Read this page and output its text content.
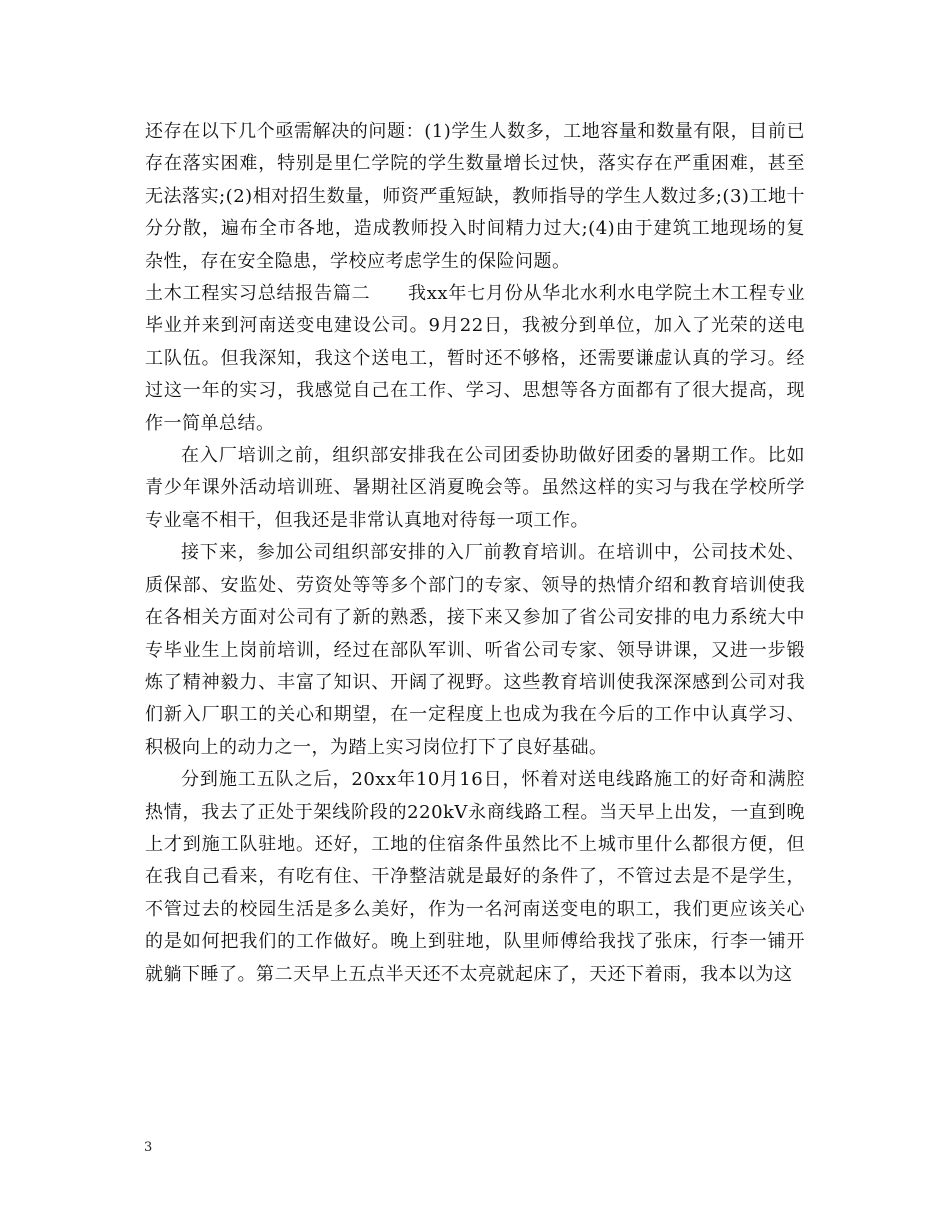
还存在以下几个亟需解决的问题：(1)学生人数多，工地容量和数量有限，目前已存在落实困难，特别是里仁学院的学生数量增长过快，落实存在严重困难，甚至无法落实;(2)相对招生数量，师资严重短缺，教师指导的学生人数过多;(3)工地十分分散，遍布全市各地，造成教师投入时间精力过大;(4)由于建筑工地现场的复杂性，存在安全隐患，学校应考虑学生的保险问题。

土木工程实习总结报告篇二　　我xx年七月份从华北水利水电学院土木工程专业毕业并来到河南送变电建设公司。9月22日，我被分到单位，加入了光荣的送电工队伍。但我深知，我这个送电工，暂时还不够格，还需要谦虚认真的学习。经过这一年的实习，我感觉自己在工作、学习、思想等各方面都有了很大提高，现作一简单总结。

在入厂培训之前，组织部安排我在公司团委协助做好团委的暑期工作。比如青少年课外活动培训班、暑期社区消夏晚会等。虽然这样的实习与我在学校所学专业毫不相干，但我还是非常认真地对待每一项工作。

接下来，参加公司组织部安排的入厂前教育培训。在培训中，公司技术处、质保部、安监处、劳资处等等多个部门的专家、领导的热情介绍和教育培训使我在各相关方面对公司有了新的熟悉，接下来又参加了省公司安排的电力系统大中专毕业生上岗前培训，经过在部队军训、听省公司专家、领导讲课，又进一步锻炼了精神毅力、丰富了知识、开阔了视野。这些教育培训使我深深感到公司对我们新入厂职工的关心和期望，在一定程度上也成为我在今后的工作中认真学习、积极向上的动力之一，为踏上实习岗位打下了良好基础。

分到施工五队之后，20xx年10月16日，怀着对送电线路施工的好奇和满腔热情，我去了正处于架线阶段的220kV永商线路工程。当天早上出发，一直到晚上才到施工队驻地。还好，工地的住宿条件虽然比不上城市里什么都很方便，但在我自己看来，有吃有住、干净整洁就是最好的条件了，不管过去是不是学生，不管过去的校园生活是多么美好，作为一名河南送变电的职工，我们更应该关心的是如何把我们的工作做好。晚上到驻地，队里师傅给我找了张床，行李一铺开就躺下睡了。第二天早上五点半天还不太亮就起床了，天还下着雨，我本以为这

3
